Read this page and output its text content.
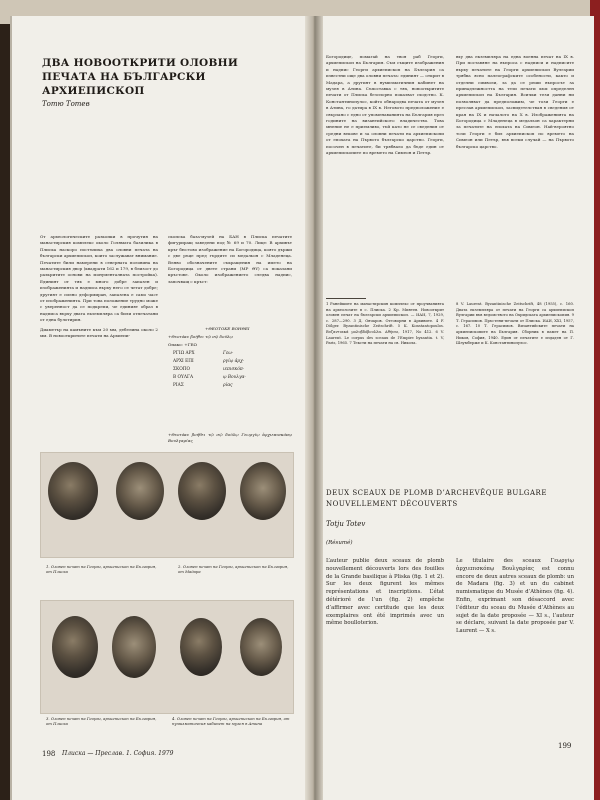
ДВА НОВООТКРИТИ ОЛОВНИ ПЕЧАТА НА БЪЛГАРСКИ АРХИЕПИСКОП
Тотю Тотев
От археологическите разкопки в прочутия на манастирския комплекс около Голямата базилика в Плиска наскоро постъпиха два оловни печата на български архиепископ, които заслужават внимание. Печатите били намерени в северната половина на манастирския двор (квадрати 162 и 179, в близост до разкритите основи на монументалната постройка). Единият от тях е много добре запазен и изображенията и надписа върху него се четат добре; другият е силно деформиран, запазена е само част от изображенията. При това положение трудно може с уверенност да се подкрепи, че единият образ в надписа върху двата екземпляра са били отпечатани от една булотирия.
Диаметър на камъните към 20 мм, дебелина около 2 мм. В новооткритите печати на Архиепи-
скопска база-музей на БАН в Плиска печатите фигуриращ заведени под № 69 и 70. Лице: В архивът кръг бюстово изображение на Богородица, която държи с две ръце пред гърдите си медальон с Младенеца. Вляво обозначените съкращения на името на Богородица от двете страни (ΜΡ ΘΥ) са показани кръстове. Около изображението следва надпис, започващ с кръст:
+ΘΕΟΤΟΚΕ ΒΟΗΘΕΙ
+Θεοτόκε βοήθει τῷ σῷ δούλῳ
Опако: +ΓΕΩ
ΡΓΙΩ ΑΡΧ	Γεω-
ΑΡΧΙ ΕΠΙ	ργίῳ ἀρχ-
ΣΚΟΠΟ	ιεπισκόπ-
Β ΟΥΛΓΑ	ῳ Βουλγα-
ΡΙΑΣ	ρίας
+Θεοτόκε βοήθει τῷ σῷ δούλῳ Γεωργίῳ ἀρχιεπισκόπῳ Βουλγαρίας
1. Оловен печат на Георги, архиепископ на България, от Плиска
2. Оловен печат на Георги, архиепископ на България, от Мадара
3. Оловен печат на Георги, архиепископ на България, от Плиска
4. Оловен печат на Георги, архиепископ на България, от нумизматичния кабинет на музея в Атина
198 Плиска — Преслав. 1. София. 1979
Богородице, помагай на твоя раб Георги, архиепископ на България. Съм същите изображения и надпис Георги архиепископ на България са известни още два оловни печата: единият — открит в Мадара, а другият в нумизматичния кабинет на музея в Атина. Съпоставка с тях, новооткритите печати от Плиска безспорно показват сходство. К. Константинопулос, който обнародва печата от музея в Атина, го датира в IX в. Неговото предположение е свързано с едно от упоменаванията на България през годините на византийското владичество. Това мнение не е приемливо, тъй като не се сведения от средни векове и за оловни печати на архиепископи от епохата на Първото българско царство. Георги, посочен в печатите, би трябвало да бъде един от архиепископите по времето на Симеон и Петър.
вху два екземпляра на една военна печат на IX в. При поставяне на въпроса с надписи и надписите върху печатите на Георги архиепископ Вулгарии трябва ясно палеографските особености, както и отделни символи, за да се реши въпросът за принадлежността на тези печати към определен архиепископ на България. Всички тези данни ни позволяват да предположим, че този Георги е преслав архиепископ, засвидетелстван в сведения от края на IX и началото на X в. Изображенията на Богородица с Младенеца в медальон са характерни за печатите на епохата на Симеон. Най-вероятно този Георги е бил архиепископ по времето на Симеон или Петър, във всеки случай — на Първото българско царство.
1 Ранейшите на манастирския комплекс от проучванията на археолозите в с. Плиска. 2 Кр. Миятев. Новооткрит оловен печат на български архиепископ. — ИАИ, 7, 1929, с. 287—290. 3 Д. Овчаров. Отговорни в Архивите. 4 F. Dölger. Byzantinische Zeitschrift. 5 K. Konstantopoulos. Βυζαντιακά μολυβδόβουλλα. Αθήναι, 1917, No 412. 6 V. Laurent. Le corpus des sceaux de l’Empire byzantin. t. V, Paris, 1965. 7 Тексти на печати на св. Никола.
8 V. Laurent. Byzantinische Zeitschrift, 48 (1955), с. 160. Двата екземпляра от печати на Георги са архиепископ Вулгарии във ведомството на Охридската архиепископия. 9 Т. Герасимов. Пръстени-печати от Плиска. ИАИ, XXI, 1957, с. 167. 10 Т. Герасимов. Византийските печати на архиепископите на България. Сборник в памет на П. Ников, София, 1940. Един от печатите е издаден от Г. Шлумберже и К. Константинопулос.
DEUX SCEAUX DE PLOMB D’ARCHEVÊQUE BULGARE NOUVELLEMENT DÉCOUVERTS
Totju Totev
(Résumé)
L’auteur publie deux sceaux de plomb nouvellement découverts lors des fouilles de la Grande basilique à Pliska (fig. 1 et 2). Sur les deux figurent les mêmes représentations et inscriptions. L’état détérioré de l’un (fig. 2) empêche d’affirmer avec certitude que les deux exemplaires ont été imprimés avec un même boulloterion.
Le titulaire des sceaux Γεωργίῳ ἀρχιεπισκόπῳ Βουλγαρίας est connu encore de deux autres sceaux de plomb: un de Madara (fig. 3) et un du cabinet numismatique du Musée d’Athènes (fig. 4). Enfin, exprimant son désaccord avec l’éditeur du sceau du Musée d’Athènes au sujet de la date proposée — XI s., l’auteur se déclare, suivant la date proposée par V. Laurent — X s.
199
